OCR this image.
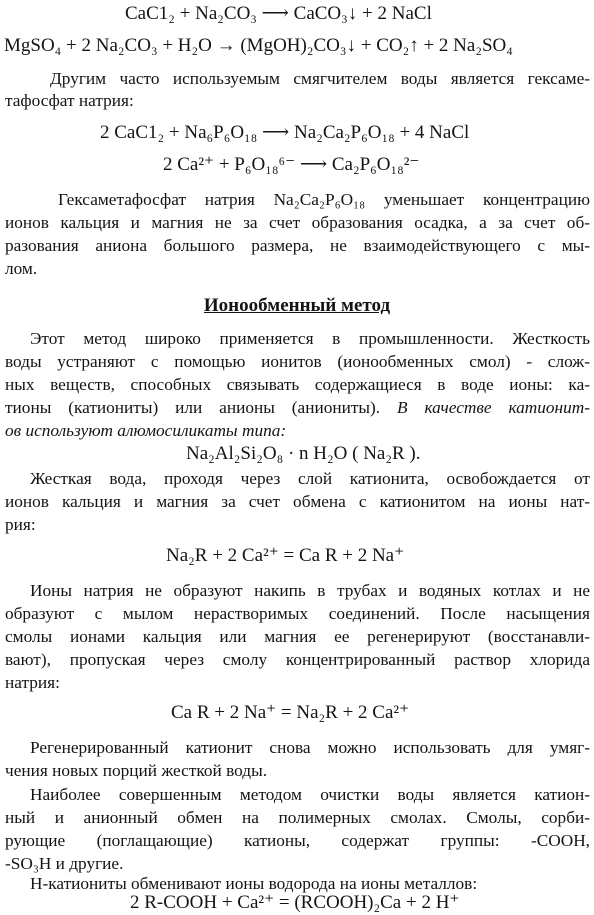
CaC1₂ + Na₂CO₃ ⟶ CaCO₃↓ + 2 NaCl
MgSO₄ + 2 Na₂CO₃ + H₂O → (MgOH)₂CO₃↓ + CO₂↑ + 2 Na₂SO₄
Другим часто используемым смягчителем воды является гексаме-
тафосфат натрия:
2 CaC1₂ + Na₆P₆O₁₈ ⟶ Na₂Ca₂P₆O₁₈ + 4 NaCl
2 Ca²⁺ + P₆O₁₈⁶⁻ ⟶ Ca₂P₆O₁₈²⁻
Гексаметафосфат натрия Na₂Ca₂P₆O₁₈ уменьшает концентрацию
ионов кальция и магния не за счет образования осадка, а за счет об-
разования аниона большого размера, не взаимодействующего с мы-
лом.
Ионообменный метод
Этот метод широко применяется в промышленности. Жесткость
воды устраняют с помощью ионитов (ионообменных смол) - слож-
ных веществ, способных связывать содержащиеся в воде ионы: ка-
тионы (катиониты) или анионы (аниониты). В качестве катионит-
ов используют алюмосиликаты типа:
Na₂Al₂Si₂O₈ · n H₂O ( Na₂R ).
Жесткая вода, проходя через слой катионита, освобождается от
ионов кальция и магния за счет обмена с катионитом на ионы нат-
рия:
Na₂R + 2 Ca²⁺ = Ca R + 2 Na⁺
Ионы натрия не образуют накипь в трубах и водяных котлах и не
образуют с мылом нерастворимых соединений. После насыщения
смолы ионами кальция или магния ее регенерируют (восстанавли-
вают), пропуская через смолу концентрированный раствор хлорида
натрия:
Ca R + 2 Na⁺ = Na₂R + 2 Ca²⁺
Регенерированный катионит снова можно использовать для умяг-
чения новых порций жесткой воды.
Наиболее совершенным методом очистки воды является катион-
ный и анионный обмен на полимерных смолах. Смолы, сорби-
рующие (поглащающие) катионы, содержат группы: -COOH,
-SO₃H и другие.
H-катиониты обменивают ионы водорода на ионы металлов:
2 R-COOH + Ca²⁺ = (RCOOH)₂Ca + 2 H⁺
